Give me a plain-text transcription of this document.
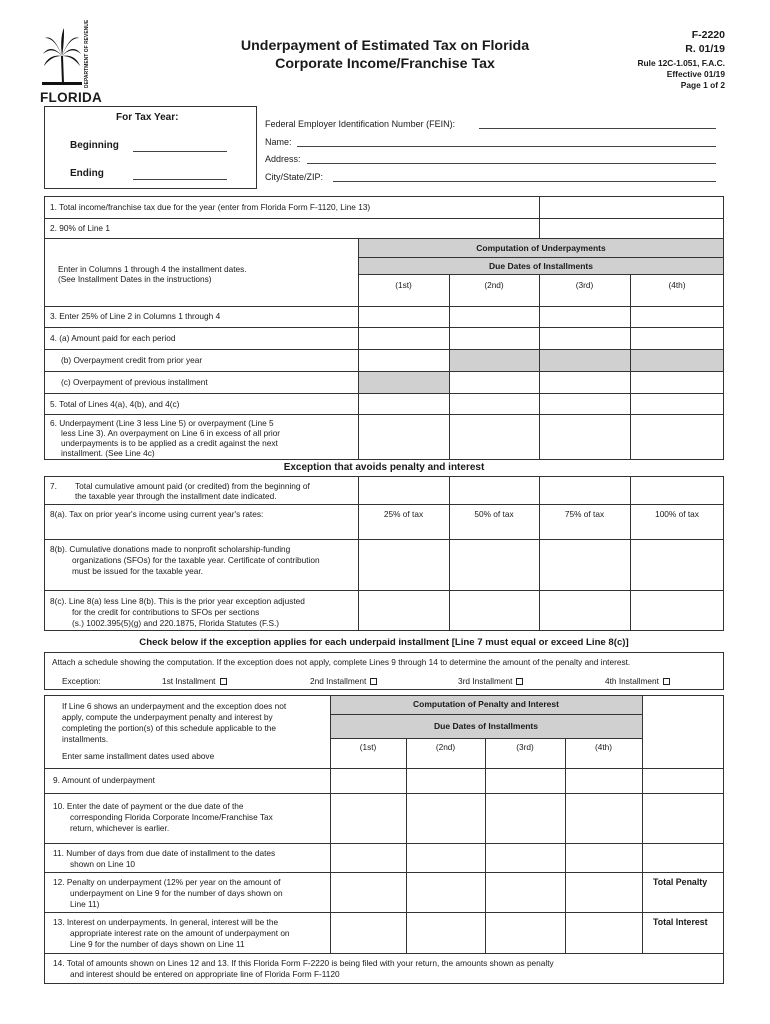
DEPARTMENT OF REVENUE
FLORIDA
Underpayment of Estimated Tax on Florida
Corporate Income/Franchise Tax
F-2220
R. 01/19
Rule 12C-1.051, F.A.C.
Effective 01/19
Page 1 of 2
For Tax Year:
Beginning
Ending
Federal Employer Identification Number (FEIN):
Name:
Address:
City/State/ZIP:
1. Total income/franchise tax due for the year (enter from Florida Form F-1120, Line 13)
2. 90% of Line 1
Computation of Underpayments
Due Dates of Installments
Enter in Columns 1 through 4 the installment dates.
(See Installment Dates in the instructions)
(1st)	(2nd)	(3rd)	(4th)
3. Enter 25% of Line 2 in Columns 1 through 4
4. (a) Amount paid for each period
(b) Overpayment credit from prior year
(c) Overpayment of previous installment
5. Total of Lines 4(a), 4(b), and 4(c)
6. Underpayment (Line 3 less Line 5) or overpayment (Line 5
less Line 3). An overpayment on Line 6 in excess of all prior
underpayments is to be applied as a credit against the next
installment. (See Line 4c)
Exception that avoids penalty and interest
7. Total cumulative amount paid (or credited) from the beginning of
the taxable year through the installment date indicated.
8(a). Tax on prior year's income using current year's rates:	25% of tax	50% of tax	75% of tax	100% of tax
8(b). Cumulative donations made to nonprofit scholarship-funding
organizations (SFOs) for the taxable year. Certificate of contribution
must be issued for the taxable year.
8(c). Line 8(a) less Line 8(b). This is the prior year exception adjusted
for the credit for contributions to SFOs per sections
(s.) 1002.395(5)(g) and 220.1875, Florida Statutes (F.S.)
Check below if the exception applies for each underpaid installment [Line 7 must equal or exceed Line 8(c)]
Attach a schedule showing the computation. If the exception does not apply, complete Lines 9 through 14 to determine the amount of the penalty and interest.
Exception:	1st Installment	2nd Installment	3rd Installment	4th Installment
If Line 6 shows an underpayment and the exception does not
apply, compute the underpayment penalty and interest by
completing the portion(s) of this schedule applicable to the
installments.
Enter same installment dates used above
Computation of Penalty and Interest
Due Dates of Installments
(1st)	(2nd)	(3rd)	(4th)
9. Amount of underpayment
10. Enter the date of payment or the due date of the
corresponding Florida Corporate Income/Franchise Tax
return, whichever is earlier.
11. Number of days from due date of installment to the dates
shown on Line 10
12. Penalty on underpayment (12% per year on the amount of
underpayment on Line 9 for the number of days shown on
Line 11)
Total Penalty
13. Interest on underpayments. In general, interest will be the
appropriate interest rate on the amount of underpayment on
Line 9 for the number of days shown on Line 11
Total Interest
14. Total of amounts shown on Lines 12 and 13. If this Florida Form F-2220 is being filed with your return, the amounts shown as penalty
and interest should be entered on appropriate line of Florida Form F-1120
